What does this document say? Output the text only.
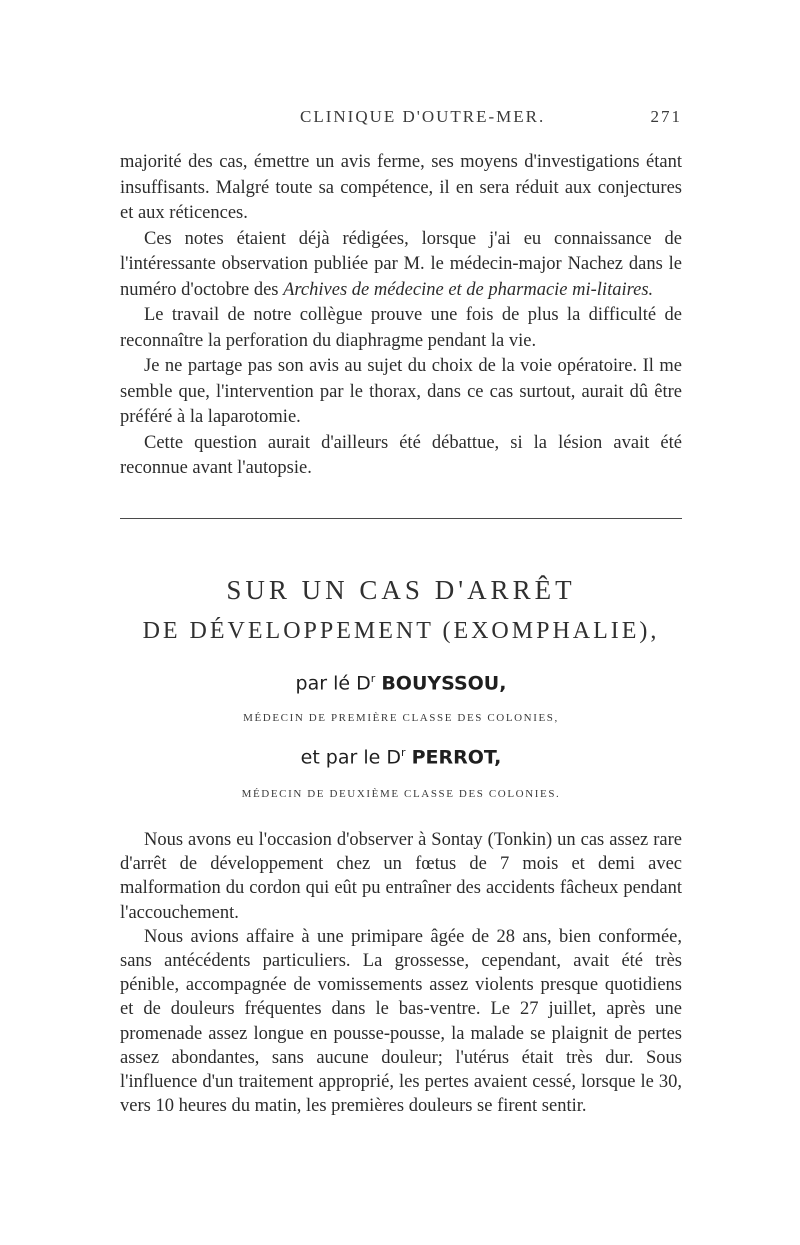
CLINIQUE D'OUTRE-MER.	271

majorité des cas, émettre un avis ferme, ses moyens d'investigations étant insuffisants. Malgré toute sa compétence, il en sera réduit aux conjectures et aux réticences.

Ces notes étaient déjà rédigées, lorsque j'ai eu connaissance de l'intéressante observation publiée par M. le médecin-major Nachez dans le numéro d'octobre des Archives de médecine et de pharmacie mi-litaires.

Le travail de notre collègue prouve une fois de plus la difficulté de reconnaître la perforation du diaphragme pendant la vie.

Je ne partage pas son avis au sujet du choix de la voie opératoire. Il me semble que, l'intervention par le thorax, dans ce cas surtout, aurait dû être préféré à la laparotomie.

Cette question aurait d'ailleurs été débattue, si la lésion avait été reconnue avant l'autopsie.

SUR UN CAS D'ARRÊT
DE DÉVELOPPEMENT (EXOMPHALIE),
par lé $D^r$ BOUYSSOU,
MÉDECIN DE PREMIÈRE CLASSE DES COLONIES,
et par le $D^r$ PERROT,
MÉDECIN DE DEUXIÈME CLASSE DES COLONIES.

Nous avons eu l'occasion d'observer à Sontay (Tonkin) un cas assez rare d'arrêt de développement chez un fœtus de 7 mois et demi avec malformation du cordon qui eût pu entraîner des accidents fâcheux pendant l'accouchement.

Nous avions affaire à une primipare âgée de 28 ans, bien conformée, sans antécédents particuliers. La grossesse, cependant, avait été très pénible, accompagnée de vomissements assez violents presque quotidiens et de douleurs fréquentes dans le bas-ventre. Le 27 juillet, après une promenade assez longue en pousse-pousse, la malade se plaignit de pertes assez abondantes, sans aucune douleur; l'utérus était très dur. Sous l'influence d'un traitement approprié, les pertes avaient cessé, lorsque le 30, vers 10 heures du matin, les premières douleurs se firent sentir.
